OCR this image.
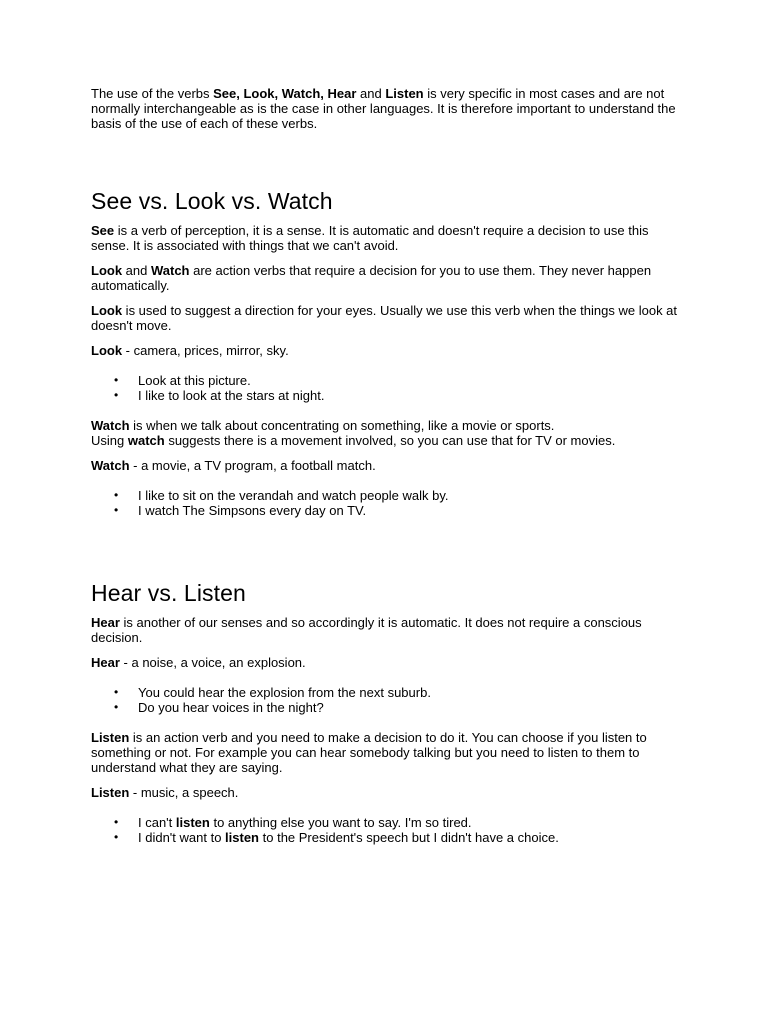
The use of the verbs See, Look, Watch, Hear and Listen is very specific in most cases and are not normally interchangeable as is the case in other languages. It is therefore important to understand the basis of the use of each of these verbs.

See vs. Look vs. Watch

See is a verb of perception, it is a sense. It is automatic and doesn't require a decision to use this sense. It is associated with things that we can't avoid.

Look and Watch are action verbs that require a decision for you to use them. They never happen automatically.

Look is used to suggest a direction for your eyes. Usually we use this verb when the things we look at doesn't move.

Look - camera, prices, mirror, sky.

• Look at this picture.
• I like to look at the stars at night.

Watch is when we talk about concentrating on something, like a movie or sports.

Using watch suggests there is a movement involved, so you can use that for TV or movies.

Watch - a movie, a TV program, a football match.

• I like to sit on the verandah and watch people walk by.
• I watch The Simpsons every day on TV.
Hear vs. Listen

Hear is another of our senses and so accordingly it is automatic. It does not require a conscious decision.

Hear - a noise, a voice, an explosion.

• You could hear the explosion from the next suburb.
• Do you hear voices in the night?

Listen is an action verb and you need to make a decision to do it. You can choose if you listen to something or not. For example you can hear somebody talking but you need to listen to them to understand what they are saying.

Listen - music, a speech.

• I can't listen to anything else you want to say. I'm so tired.
• I didn't want to listen to the President's speech but I didn't have a choice.
